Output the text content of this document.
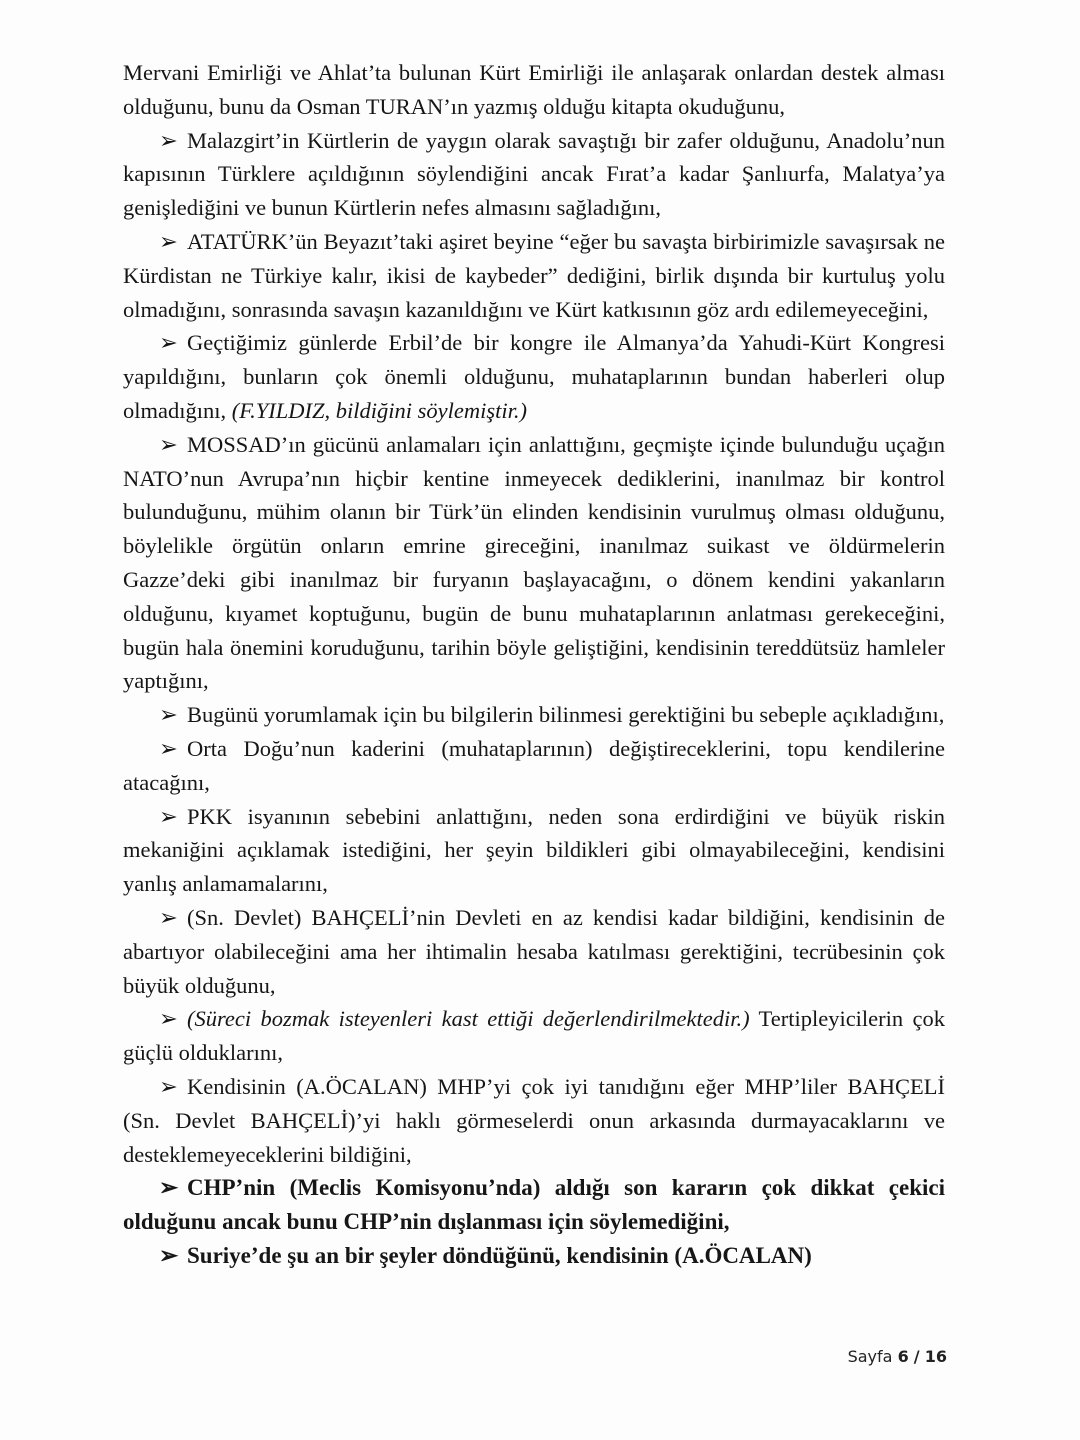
Mervani Emirliği ve Ahlat’ta bulunan Kürt Emirliği ile anlaşarak onlardan destek alması olduğunu, bunu da Osman TURAN’ın yazmış olduğu kitapta okuduğunu,

➢ Malazgirt’in Kürtlerin de yaygın olarak savaştığı bir zafer olduğunu, Anadolu’nun kapısının Türklere açıldığının söylendiğini ancak Fırat’a kadar Şanlıurfa, Malatya’ya genişlediğini ve bunun Kürtlerin nefes almasını sağladığını,

➢ ATATÜRK’ün Beyazıt’taki aşiret beyine “eğer bu savaşta birbirimizle savaşırsak ne Kürdistan ne Türkiye kalır, ikisi de kaybeder” dediğini, birlik dışında bir kurtuluş yolu olmadığını, sonrasında savaşın kazanıldığını ve Kürt katkısının göz ardı edilemeyeceğini,

➢ Geçtiğimiz günlerde Erbil’de bir kongre ile Almanya’da Yahudi-Kürt Kongresi yapıldığını, bunların çok önemli olduğunu, muhataplarının bundan haberleri olup olmadığını, (F.YILDIZ, bildiğini söylemiştir.)

➢ MOSSAD’ın gücünü anlamaları için anlattığını, geçmişte içinde bulunduğu uçağın NATO’nun Avrupa’nın hiçbir kentine inmeyecek dediklerini, inanılmaz bir kontrol bulunduğunu, mühim olanın bir Türk’ün elinden kendisinin vurulmuş olması olduğunu, böylelikle örgütün onların emrine gireceğini, inanılmaz suikast ve öldürmelerin Gazze’deki gibi inanılmaz bir furyanın başlayacağını, o dönem kendini yakanların olduğunu, kıyamet koptuğunu, bugün de bunu muhataplarının anlatması gerekeceğini, bugün hala önemini koruduğunu, tarihin böyle geliştiğini, kendisinin tereddütsüz hamleler yaptığını,

➢ Bugünü yorumlamak için bu bilgilerin bilinmesi gerektiğini bu sebeple açıkladığını,

➢ Orta Doğu’nun kaderini (muhataplarının) değiştireceklerini, topu kendilerine atacağını,

➢ PKK isyanının sebebini anlattığını, neden sona erdirdiğini ve büyük riskin mekaniğini açıklamak istediğini, her şeyin bildikleri gibi olmayabileceğini, kendisini yanlış anlamamalarını,

➢ (Sn. Devlet) BAHÇELİ’nin Devleti en az kendisi kadar bildiğini, kendisinin de abartıyor olabileceğini ama her ihtimalin hesaba katılması gerektiğini, tecrübesinin çok büyük olduğunu,

➢ (Süreci bozmak isteyenleri kast ettiği değerlendirilmektedir.) Tertipleyicilerin çok güçlü olduklarını,

➢ Kendisinin (A.ÖCALAN) MHP’yi çok iyi tanıdığını eğer MHP’liler BAHÇELİ (Sn. Devlet BAHÇELİ)’yi haklı görmeselerdi onun arkasında durmayacaklarını ve desteklemeyeceklerini bildiğini,

➢ CHP’nin (Meclis Komisyonu’nda) aldığı son kararın çok dikkat çekici olduğunu ancak bunu CHP’nin dışlanması için söylemediğini,

➢ Suriye’de şu an bir şeyler döndüğünü, kendisinin (A.ÖCALAN)

Sayfa 6 / 16
